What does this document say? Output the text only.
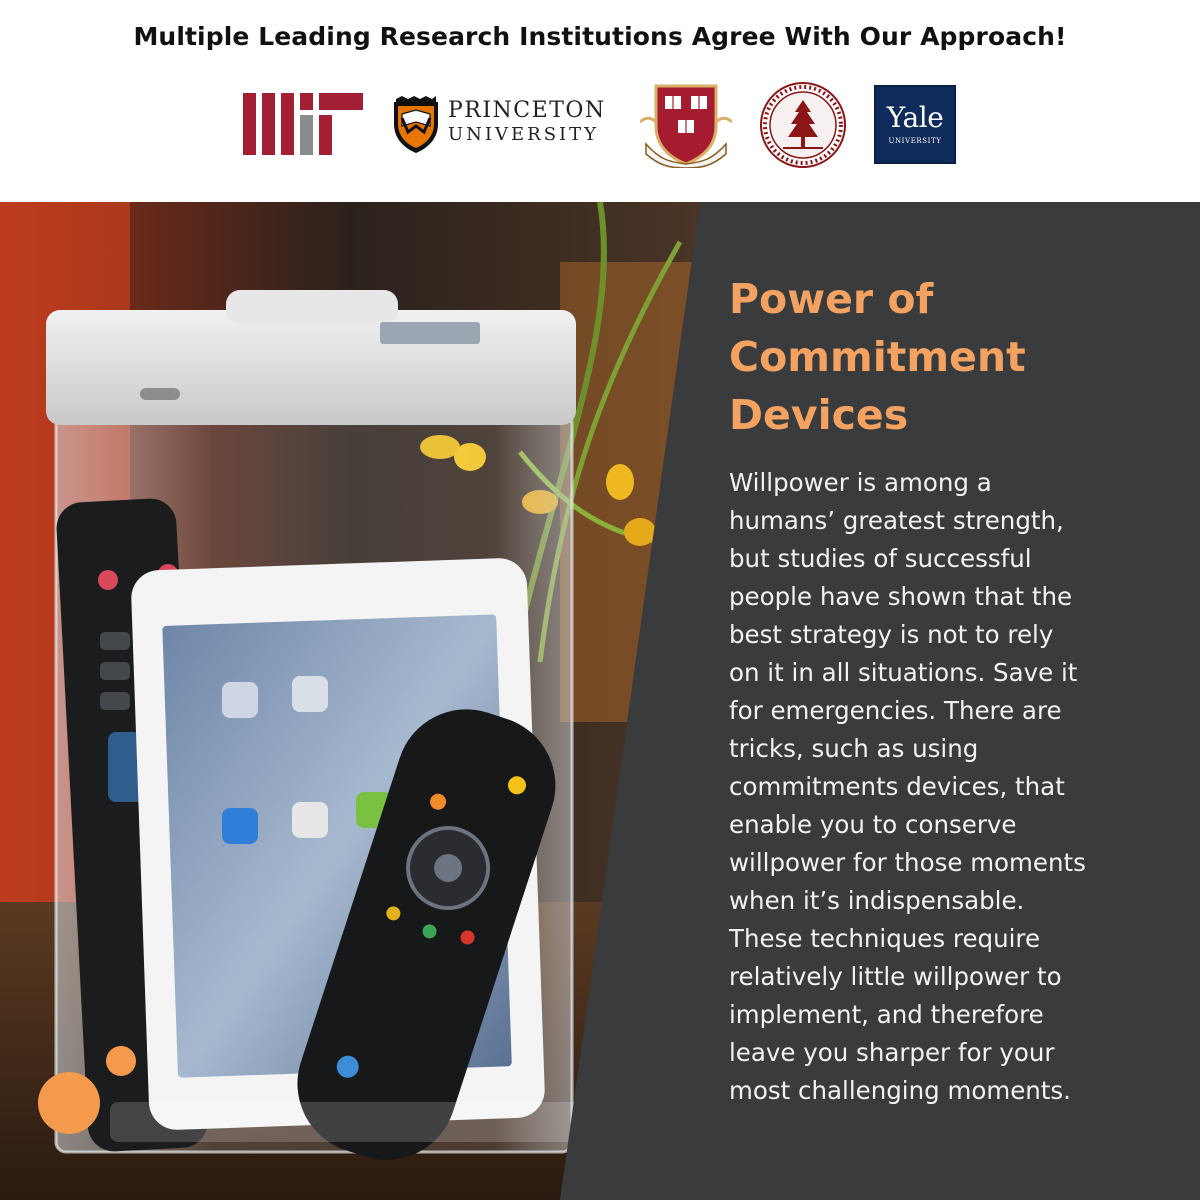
Multiple Leading Research Institutions Agree With Our Approach!
PRINCETON
UNIVERSITY
Yale
UNIVERSITY
Power of
Commitment
Devices
Willpower is among a
humans’ greatest strength,
but studies of successful
people have shown that the
best strategy is not to rely
on it in all situations. Save it
for emergencies. There are
tricks, such as using
commitments devices, that
enable you to conserve
willpower for those moments
when it’s indispensable.
These techniques require
relatively little willpower to
implement, and therefore
leave you sharper for your
most challenging moments.
